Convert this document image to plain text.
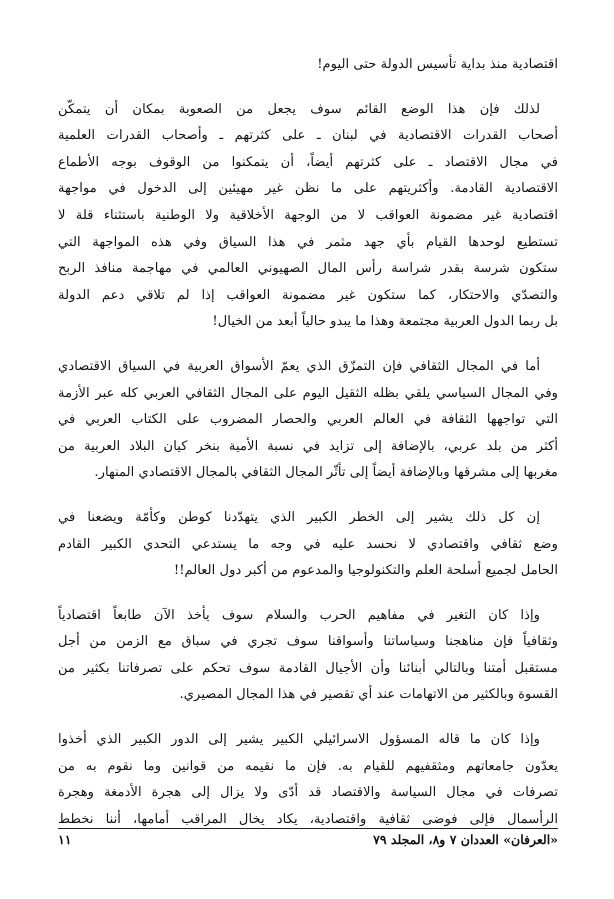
اقتصادية منذ بداية تأسيس الدولة حتى اليوم!
لذلك فإن هذا الوضع القائم سوف يجعل من الصعوبة بمكان أن يتمكّن
أصحاب القدرات الاقتصادية في لبنان ـ على كثرتهم ـ وأصحاب القدرات العلمية
في مجال الاقتصاد ـ على كثرتهم أيضاً، أن يتمكنوا من الوقوف بوجه الأطماع
الاقتصادية القادمة. وأكثريتهم على ما نظن غير مهيئين إلى الدخول في مواجهة
اقتصادية غير مضمونة العواقب لا من الوجهة الأخلاقية ولا الوطنية باستثناء قلة لا
تستطيع لوحدها القيام بأي جهد مثمر في هذا السياق وفي هذه المواجهة التي
ستكون شرسة بقدر شراسة رأس المال الصهيوني العالمي في مهاجمة منافذ الربح
والتصدّي والاحتكار، كما ستكون غير مضمونة العواقب إذا لم تلاقي دعم الدولة
بل ربما الدول العربية مجتمعة وهذا ما يبدو حالياً أبعد من الخيال!
أما في المجال الثقافي فإن التمزّق الذي يعمّ الأسواق العربية في السياق الاقتصادي
وفي المجال السياسي يلقي بظله الثقيل اليوم على المجال الثقافي العربي كله عبر الأزمة
التي تواجهها الثقافة في العالم العربي والحصار المضروب على الكتاب العربي في
أكثر من بلد عربي، بالإضافة إلى تزايد في نسبة الأمية بنخر كيان البلاد العربية من
مغربها إلى مشرقها وبالإضافة أيضاً إلى تأثّر المجال الثقافي بالمجال الاقتصادي المنهار.
إن كل ذلك يشير إلى الخطر الكبير الذي يتهدّدنا كوطن وكأمّة ويضعنا في
وضع ثقافي واقتصادي لا نحسد عليه في وجه ما يستدعي التحدي الكبير القادم
الحامل لجميع أسلحة العلم والتكنولوجيا والمدعوم من أكبر دول العالم!!
وإذا كان التغير في مفاهيم الحرب والسلام سوف يأخذ الآن طابعاً اقتصادياً
وثقافياً فإن مناهجنا وسياساتنا وأسواقنا سوف تجري في سباق مع الزمن من أجل
مستقبل أمتنا وبالتالي أبنائنا وأن الأجيال القادمة سوف تحكم على تصرفاتنا بكثير من
القسوة وبالكثير من الاتهامات عند أي تقصير في هذا المجال المصيري.
وإذا كان ما قاله المسؤول الاسرائيلي الكبير يشير إلى الدور الكبير الذي أخذوا
يعدّون جامعاتهم ومثقفيهم للقيام به. فإن ما نقيمه من قوانين وما نقوم به من
تصرفات في مجال السياسة والاقتصاد قد أدّى ولا يزال إلى هجرة الأدمغة وهجرة
الرأسمال فإلى فوضى ثقافية واقتصادية، يكاد يخال المراقب أمامها، أننا نخطط
«العرفان» العددان ٧ و٨، المجلد ٧٩
١١
